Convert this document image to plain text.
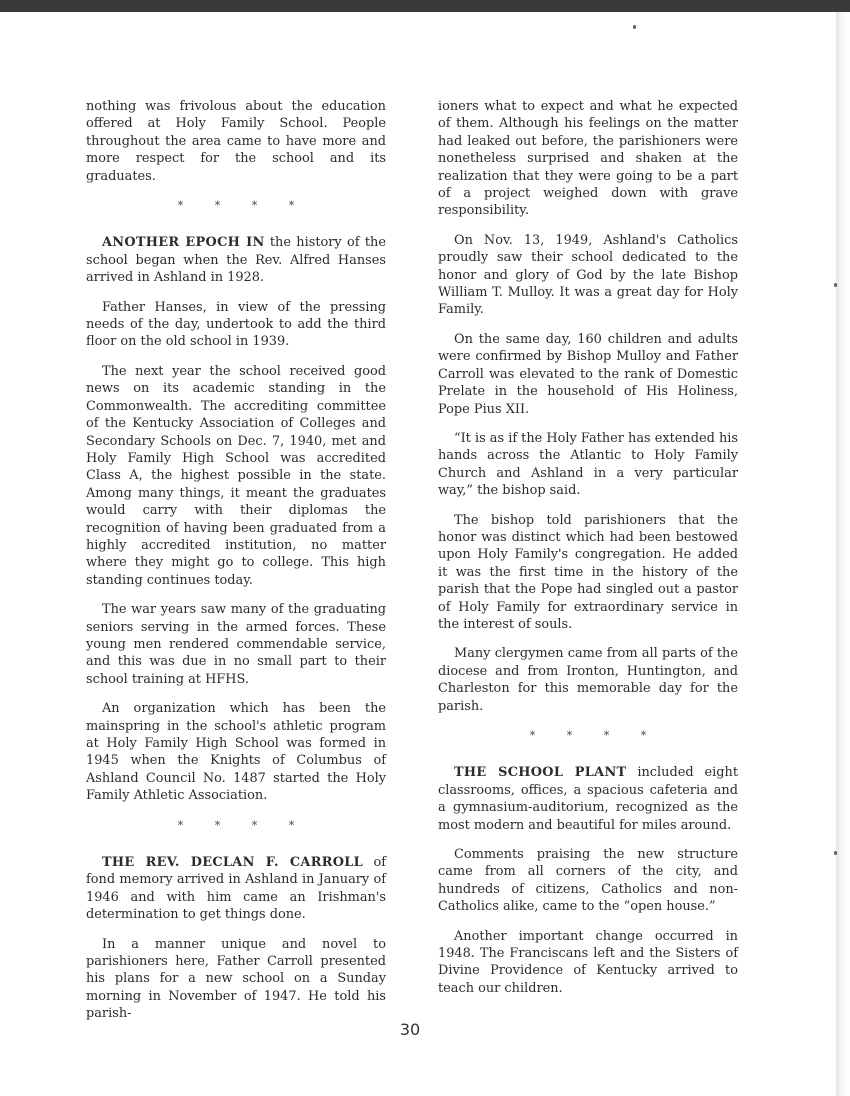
nothing was frivolous about the education offered at Holy Family School. People throughout the area came to have more and more respect for the school and its graduates.

* * * *

ANOTHER EPOCH IN the history of the school began when the Rev. Alfred Hanses arrived in Ashland in 1928.

Father Hanses, in view of the pressing needs of the day, undertook to add the third floor on the old school in 1939.

The next year the school received good news on its academic standing in the Commonwealth. The accrediting committee of the Kentucky Association of Colleges and Secondary Schools on Dec. 7, 1940, met and Holy Family High School was accredited Class A, the highest possible in the state. Among many things, it meant the graduates would carry with their diplomas the recognition of having been graduated from a highly accredited institution, no matter where they might go to college. This high standing continues today.

The war years saw many of the graduating seniors serving in the armed forces. These young men rendered commendable service, and this was due in no small part to their school training at HFHS.

An organization which has been the mainspring in the school's athletic program at Holy Family High School was formed in 1945 when the Knights of Columbus of Ashland Council No. 1487 started the Holy Family Athletic Association.

* * * *

THE REV. DECLAN F. CARROLL of fond memory arrived in Ashland in January of 1946 and with him came an Irishman's determination to get things done.

In a manner unique and novel to parishioners here, Father Carroll presented his plans for a new school on a Sunday morning in November of 1947. He told his parish-

ioners what to expect and what he expected of them. Although his feelings on the matter had leaked out before, the parishioners were nonetheless surprised and shaken at the realization that they were going to be a part of a project weighed down with grave responsibility.

On Nov. 13, 1949, Ashland's Catholics proudly saw their school dedicated to the honor and glory of God by the late Bishop William T. Mulloy. It was a great day for Holy Family.

On the same day, 160 children and adults were confirmed by Bishop Mulloy and Father Carroll was elevated to the rank of Domestic Prelate in the household of His Holiness, Pope Pius XII.

“It is as if the Holy Father has extended his hands across the Atlantic to Holy Family Church and Ashland in a very particular way,” the bishop said.

The bishop told parishioners that the honor was distinct which had been bestowed upon Holy Family's congregation. He added it was the first time in the history of the parish that the Pope had singled out a pastor of Holy Family for extraordinary service in the interest of souls.

Many clergymen came from all parts of the diocese and from Ironton, Huntington, and Charleston for this memorable day for the parish.

* * * *

THE SCHOOL PLANT included eight classrooms, offices, a spacious cafeteria and a gymnasium-auditorium, recognized as the most modern and beautiful for miles around.

Comments praising the new structure came from all corners of the city, and hundreds of citizens, Catholics and non-Catholics alike, came to the “open house.”

Another important change occurred in 1948. The Franciscans left and the Sisters of Divine Providence of Kentucky arrived to teach our children.

30
